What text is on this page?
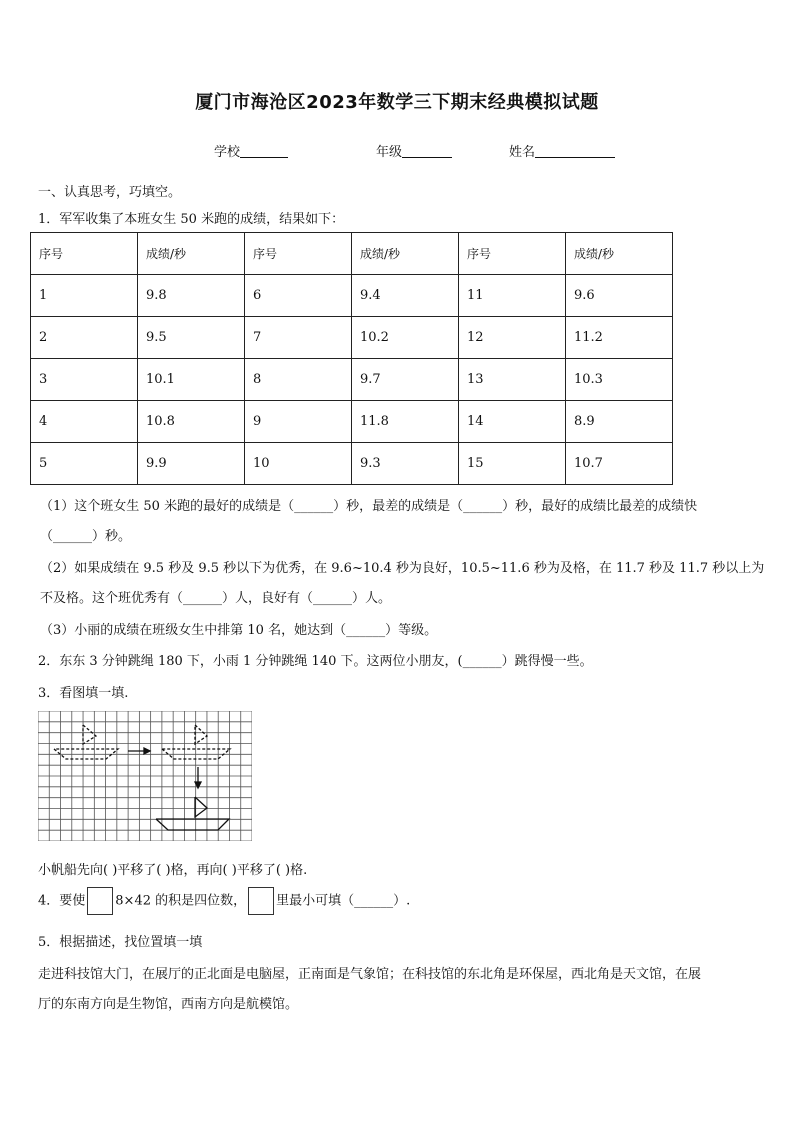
厦门市海沧区2023年数学三下期末经典模拟试题
学校	年级	姓名
一、认真思考，巧填空。
1．军军收集了本班女生 50 米跑的成绩，结果如下：
序号	成绩/秒	序号	成绩/秒	序号	成绩/秒
1	9.8	6	9.4	11	9.6
2	9.5	7	10.2	12	11.2
3	10.1	8	9.7	13	10.3
4	10.8	9	11.8	14	8.9
5	9.9	10	9.3	15	10.7
（1）这个班女生 50 米跑的最好的成绩是（______）秒，最差的成绩是（______）秒，最好的成绩比最差的成绩快
（______）秒。
（2）如果成绩在 9.5 秒及 9.5 秒以下为优秀，在 9.6~10.4 秒为良好，10.5~11.6 秒为及格，在 11.7 秒及 11.7 秒以上为
不及格。这个班优秀有（______）人，良好有（______）人。
（3）小丽的成绩在班级女生中排第 10 名，她达到（______）等级。
2．东东 3 分钟跳绳 180 下，小雨 1 分钟跳绳 140 下。这两位小朋友，(______）跳得慢一些。
3．看图填一填.
小帆船先向( )平移了( )格，再向( )平移了( )格.
4．要使 8×42 的积是四位数， 里最小可填（______）.
5．根据描述，找位置填一填
走进科技馆大门，在展厅的正北面是电脑屋，正南面是气象馆；在科技馆的东北角是环保屋，西北角是天文馆，在展
厅的东南方向是生物馆，西南方向是航模馆。
